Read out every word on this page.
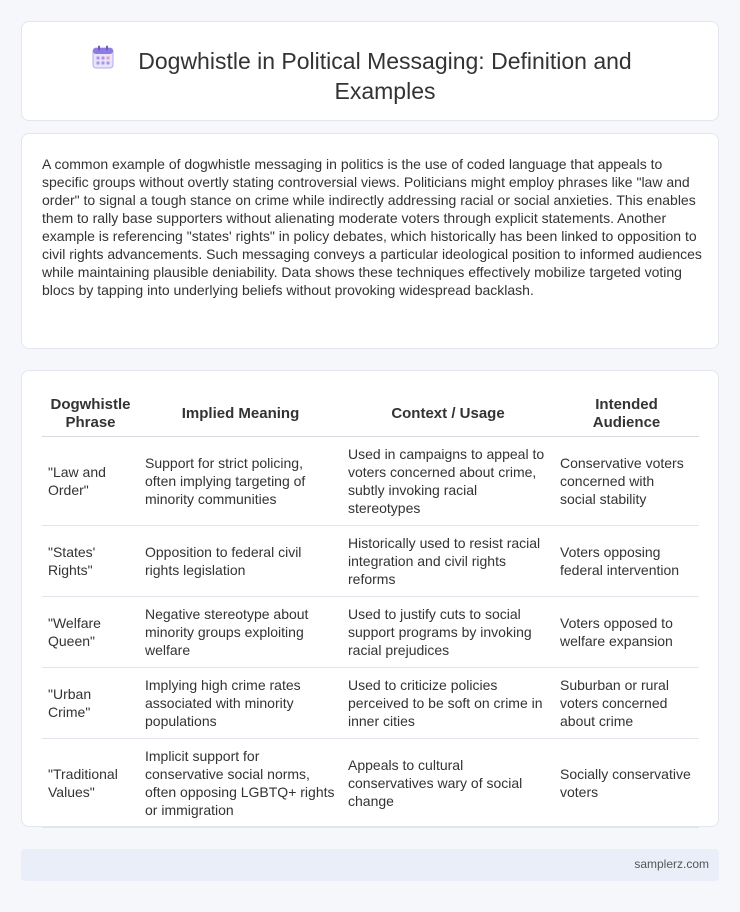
Dogwhistle in Political Messaging: Definition and Examples

A common example of dogwhistle messaging in politics is the use of coded language that appeals to specific groups without overtly stating controversial views. Politicians might employ phrases like "law and order" to signal a tough stance on crime while indirectly addressing racial or social anxieties. This enables them to rally base supporters without alienating moderate voters through explicit statements. Another example is referencing "states' rights" in policy debates, which historically has been linked to opposition to civil rights advancements. Such messaging conveys a particular ideological position to informed audiences while maintaining plausible deniability. Data shows these techniques effectively mobilize targeted voting blocs by tapping into underlying beliefs without provoking widespread backlash.

Dogwhistle Phrase	Implied Meaning	Context / Usage	Intended Audience
"Law and Order"	Support for strict policing, often implying targeting of minority communities	Used in campaigns to appeal to voters concerned about crime, subtly invoking racial stereotypes	Conservative voters concerned with social stability
"States' Rights"	Opposition to federal civil rights legislation	Historically used to resist racial integration and civil rights reforms	Voters opposing federal intervention
"Welfare Queen"	Negative stereotype about minority groups exploiting welfare	Used to justify cuts to social support programs by invoking racial prejudices	Voters opposed to welfare expansion
"Urban Crime"	Implying high crime rates associated with minority populations	Used to criticize policies perceived to be soft on crime in inner cities	Suburban or rural voters concerned about crime
"Traditional Values"	Implicit support for conservative social norms, often opposing LGBTQ+ rights or immigration	Appeals to cultural conservatives wary of social change	Socially conservative voters
samplerz.com
